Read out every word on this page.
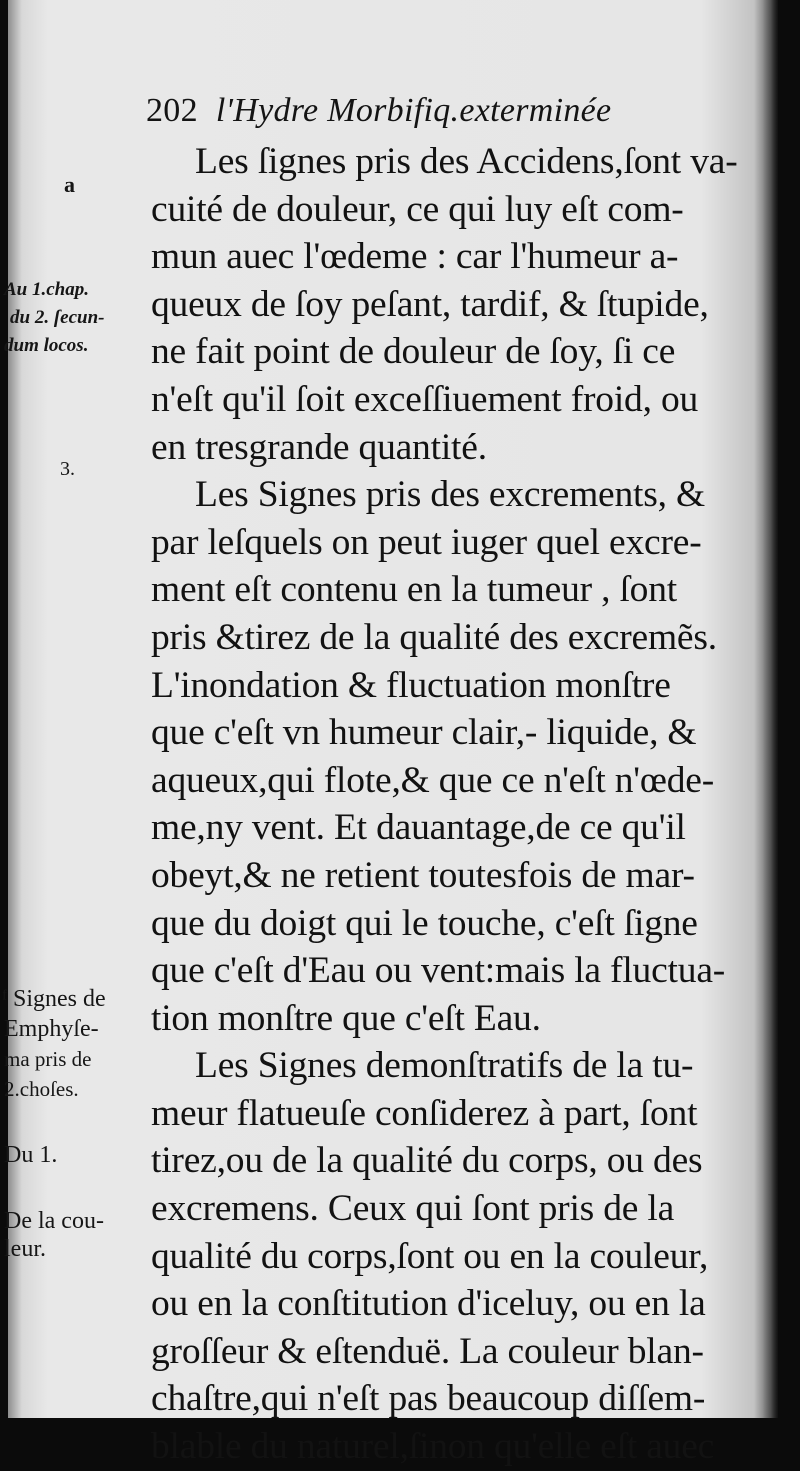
202 l'Hydre Morbifiq.exterminée
Les ſignes pris des Accidens,ſont va-
cuité de douleur, ce qui luy eſt com-
mun auec l'œdeme : car l'humeur a-
queux de ſoy peſant, tardif, & ſtupide,
ne fait point de douleur de ſoy, ſi ce
n'eſt qu'il ſoit exceſſiuement froid, ou
en tresgrande quantité.
Les Signes pris des excrements, &
par leſquels on peut iuger quel excre-
ment eſt contenu en la tumeur , ſont
pris &tirez de la qualité des excremẽs.
L'inondation & fluctuation monſtre
que c'eſt vn humeur clair,- liquide, &
aqueux,qui flote,& que ce n'eſt n'œde-
me,ny vent. Et dauantage,de ce qu'il
obeyt,& ne retient toutesfois de mar-
que du doigt qui le touche, c'eſt ſigne
que c'eſt d'Eau ou vent:mais la fluctua-
tion monſtre que c'eſt Eau.
Les Signes demonſtratifs de la tu-
meur flatueuſe conſiderez à part, ſont
tirez,ou de la qualité du corps, ou des
excremens. Ceux qui ſont pris de la
qualité du corps,ſont ou en la couleur,
ou en la conſtitution d'iceluy, ou en la
groſſeur & eſtenduë. La couleur blan-
chaſtre,qui n'eſt pas beaucoup diſſem-
blable du naturel,ſinon qu'elle eſt auec
a
Au 1.chap.
du 2. ſecun-
dum locos.
3.
ᶠ Signes de
Emphyſe-
ma pris de
2.choſes.
Du 1.
De la cou-
leur.
